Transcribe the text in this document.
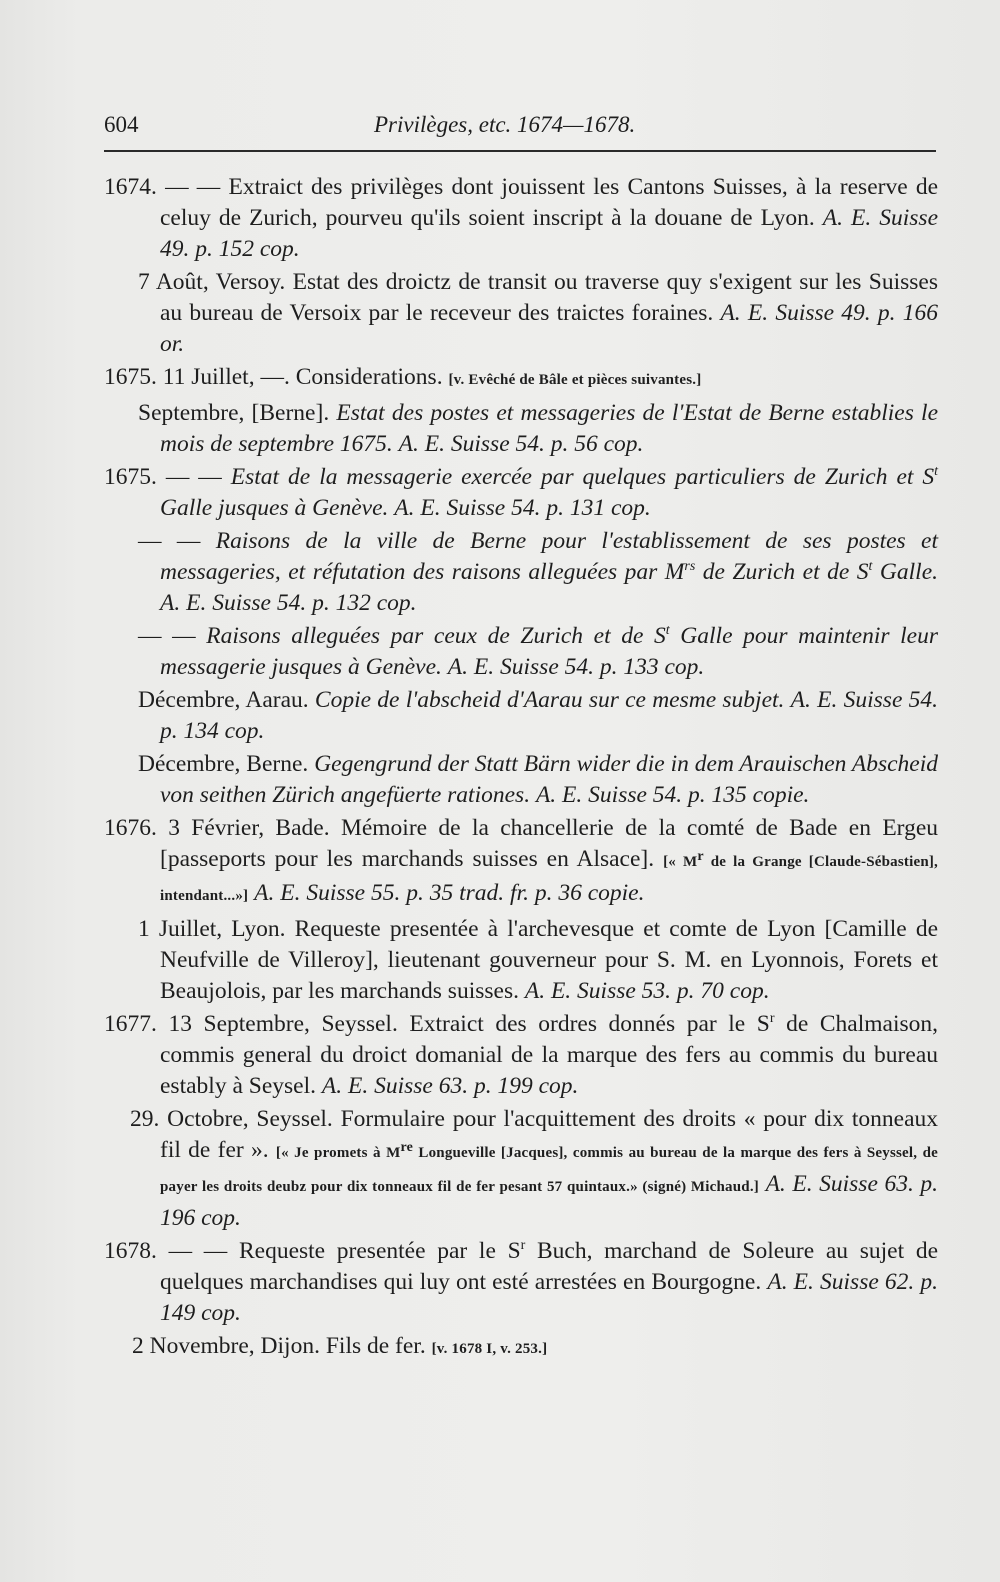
604	Privilèges, etc. 1674—1678.
1674. — — Extraict des privilèges dont jouissent les Cantons Suisses, à la reserve de celuy de Zurich, pourveu qu'ils soient inscript à la douane de Lyon. A. E. Suisse 49. p. 152 cop.
7 Août, Versoy. Estat des droictz de transit ou traverse quy s'exigent sur les Suisses au bureau de Versoix par le receveur des traictes foraines. A. E. Suisse 49. p. 166 or.
1675. 11 Juillet, —. Considerations. [v. Evêché de Bâle et pièces suivantes.]
Septembre, [Berne]. Estat des postes et messageries de l'Estat de Berne establies le mois de septembre 1675. A. E. Suisse 54. p. 56 cop.
1675. — — Estat de la messagerie exercée par quelques particuliers de Zurich et $S^t$ Galle jusques à Genève. A. E. Suisse 54. p. 131 cop.
— — Raisons de la ville de Berne pour l'establissement de ses postes et messageries, et réfutation des raisons alleguées par $M^{rs}$ de Zurich et de $S^t$ Galle. A. E. Suisse 54. p. 132 cop.
— — Raisons alleguées par ceux de Zurich et de $S^t$ Galle pour maintenir leur messagerie jusques à Genève. A. E. Suisse 54. p. 133 cop.
Décembre, Aarau. Copie de l'abscheid d'Aarau sur ce mesme subjet. A. E. Suisse 54. p. 134 cop.
Décembre, Berne. Gegengrund der Statt Bärn wider die in dem Arauischen Abscheid von seithen Zürich angefüerte rationes. A. E. Suisse 54. p. 135 copie.
1676. 3 Février, Bade. Mémoire de la chancellerie de la comté de Bade en Ergeu [passeports pour les marchands suisses en Alsace]. [« $M^r$ de la Grange [Claude-Sébastien], intendant...»] A. E. Suisse 55. p. 35 trad. fr. p. 36 copie.
1 Juillet, Lyon. Requeste presentée à l'archevesque et comte de Lyon [Camille de Neufville de Villeroy], lieutenant gouverneur pour S. M. en Lyonnois, Forets et Beaujolois, par les marchands suisses. A. E. Suisse 53. p. 70 cop.
1677. 13 Septembre, Seyssel. Extraict des ordres donnés par le $S^r$ de Chalmaison, commis general du droict domanial de la marque des fers au commis du bureau estably à Seysel. A. E. Suisse 63. p. 199 cop.
29. Octobre, Seyssel. Formulaire pour l'acquittement des droits « pour dix tonneaux fil de fer ». [« Je promets à Mre Longueville [Jacques], commis au bureau de la marque des fers à Seyssel, de payer les droits deubz pour dix tonneaux fil de fer pesant 57 quintaux.» (signé) Michaud.] A. E. Suisse 63. p. 196 cop.
1678. — — Requeste presentée par le $S^r$ Buch, marchand de Soleure au sujet de quelques marchandises qui luy ont esté arrestées en Bourgogne. A. E. Suisse 62. p. 149 cop.
2 Novembre, Dijon. Fils de fer. [v. 1678 I, v. 253.]
